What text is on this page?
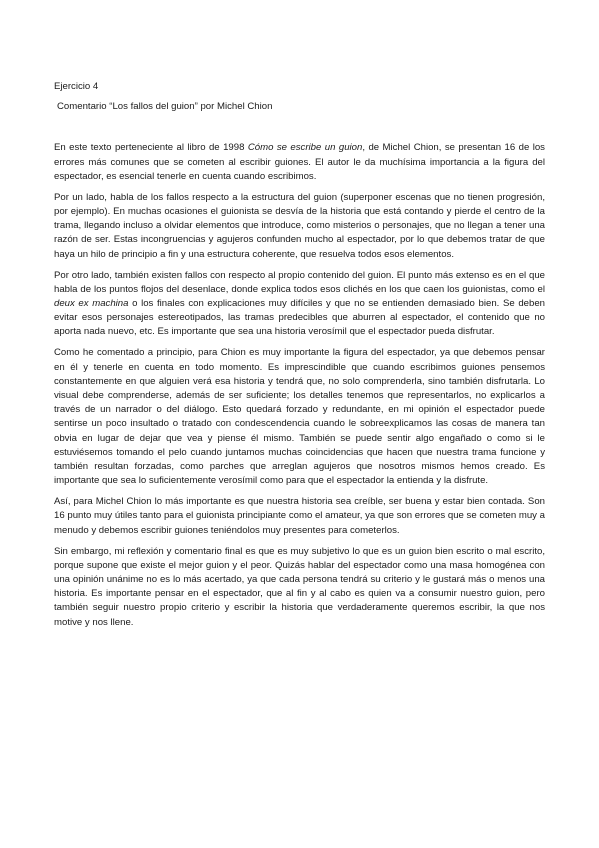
Ejercicio 4

Comentario “Los fallos del guion” por Michel Chion

En este texto perteneciente al libro de 1998 Cómo se escribe un guion, de Michel Chion, se presentan 16 de los errores más comunes que se cometen al escribir guiones. El autor le da muchísima importancia a la figura del espectador, es esencial tenerle en cuenta cuando escribimos.

Por un lado, habla de los fallos respecto a la estructura del guion (superponer escenas que no tienen progresión, por ejemplo). En muchas ocasiones el guionista se desvía de la historia que está contando y pierde el centro de la trama, llegando incluso a olvidar elementos que introduce, como misterios o personajes, que no llegan a tener una razón de ser. Estas incongruencias y agujeros confunden mucho al espectador, por lo que debemos tratar de que haya un hilo de principio a fin y una estructura coherente, que resuelva todos esos elementos.

Por otro lado, también existen fallos con respecto al propio contenido del guion. El punto más extenso es en el que habla de los puntos flojos del desenlace, donde explica todos esos clichés en los que caen los guionistas, como el deux ex machina o los finales con explicaciones muy difíciles y que no se entienden demasiado bien. Se deben evitar esos personajes estereotipados, las tramas predecibles que aburren al espectador, el contenido que no aporta nada nuevo, etc. Es importante que sea una historia verosímil que el espectador pueda disfrutar.

Como he comentado a principio, para Chion es muy importante la figura del espectador, ya que debemos pensar en él y tenerle en cuenta en todo momento. Es imprescindible que cuando escribimos guiones pensemos constantemente en que alguien verá esa historia y tendrá que, no solo comprenderla, sino también disfrutarla. Lo visual debe comprenderse, además de ser suficiente; los detalles tenemos que representarlos, no explicarlos a través de un narrador o del diálogo. Esto quedará forzado y redundante, en mi opinión el espectador puede sentirse un poco insultado o tratado con condescendencia cuando le sobreexplicamos las cosas de manera tan obvia en lugar de dejar que vea y piense él mismo. También se puede sentir algo engañado o como si le estuviésemos tomando el pelo cuando juntamos muchas coincidencias que hacen que nuestra trama funcione y también resultan forzadas, como parches que arreglan agujeros que nosotros mismos hemos creado. Es importante que sea lo suficientemente verosímil como para que el espectador la entienda y la disfrute.

Así, para Michel Chion lo más importante es que nuestra historia sea creíble, ser buena y estar bien contada. Son 16 punto muy útiles tanto para el guionista principiante como el amateur, ya que son errores que se cometen muy a menudo y debemos escribir guiones teniéndolos muy presentes para cometerlos.

Sin embargo, mi reflexión y comentario final es que es muy subjetivo lo que es un guion bien escrito o mal escrito, porque supone que existe el mejor guion y el peor. Quizás hablar del espectador como una masa homogénea con una opinión unánime no es lo más acertado, ya que cada persona tendrá su criterio y le gustará más o menos una historia. Es importante pensar en el espectador, que al fin y al cabo es quien va a consumir nuestro guion, pero también seguir nuestro propio criterio y escribir la historia que verdaderamente queremos escribir, la que nos motive y nos llene.
